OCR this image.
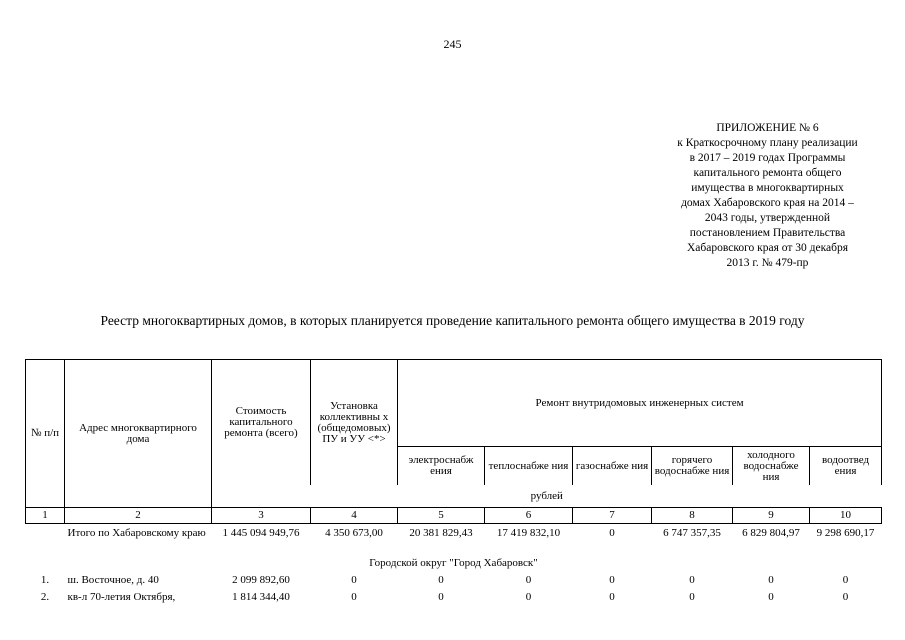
245
ПРИЛОЖЕНИЕ № 6
к Краткосрочному плану реализации
в 2017 – 2019 годах Программы
капитального ремонта общего
имущества в многоквартирных
домах Хабаровского края на 2014 –
2043 годы, утвержденной
постановлением Правительства
Хабаровского края от 30 декабря
2013 г. № 479-пр
Реестр многоквартирных домов, в которых планируется проведение капитального ремонта общего имущества в 2019 году
№ п/п	Адрес многоквартирного дома	Стоимость капитального ремонта (всего)	Установка коллективны х (общедомовых) ПУ и УУ <*>	Ремонт внутридомовых инженерных систем					
				электроснабж ения	теплоснабже ния	газоснабже ния	горячего водоснабже ния	холодного водоснабже ния	водоотвед ения
		рублей							
1	2	3	4	5	6	7	8	9	10
	Итого по Хабаровскому краю	1 445 094 949,76	4 350 673,00	20 381 829,43	17 419 832,10	0	6 747 357,35	6 829 804,97	9 298 690,17
Городской округ "Город Хабаровск"									
1.	ш. Восточное, д. 40	2 099 892,60	0	0	0	0	0	0	0
2.	кв-л 70-летия Октября,	1 814 344,40	0	0	0	0	0	0	0
